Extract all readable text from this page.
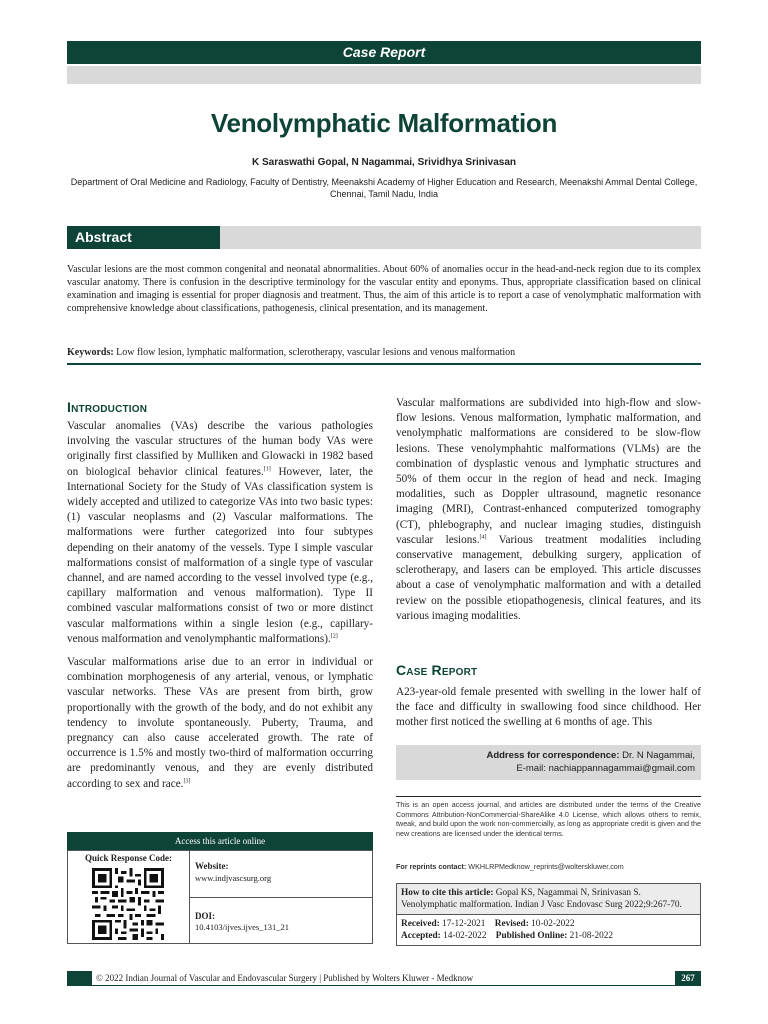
Case Report
Venolymphatic Malformation
K Saraswathi Gopal, N Nagammai, Srividhya Srinivasan
Department of Oral Medicine and Radiology, Faculty of Dentistry, Meenakshi Academy of Higher Education and Research, Meenakshi Ammal Dental College, Chennai, Tamil Nadu, India
Abstract
Vascular lesions are the most common congenital and neonatal abnormalities. About 60% of anomalies occur in the head-and-neck region due to its complex vascular anatomy. There is confusion in the descriptive terminology for the vascular entity and eponyms. Thus, appropriate classification based on clinical examination and imaging is essential for proper diagnosis and treatment. Thus, the aim of this article is to report a case of venolymphatic malformation with comprehensive knowledge about classifications, pathogenesis, clinical presentation, and its management.
Keywords: Low flow lesion, lymphatic malformation, sclerotherapy, vascular lesions and venous malformation
Introduction

Vascular anomalies (VAs) describe the various pathologies involving the vascular structures of the human body VAs were originally first classified by Mulliken and Glowacki in 1982 based on biological behavior clinical features.[1] However, later, the International Society for the Study of VAs classification system is widely accepted and utilized to categorize VAs into two basic types: (1) vascular neoplasms and (2) Vascular malformations. The malformations were further categorized into four subtypes depending on their anatomy of the vessels. Type I simple vascular malformations consist of malformation of a single type of vascular channel, and are named according to the vessel involved type (e.g., capillary malformation and venous malformation). Type II combined vascular malformations consist of two or more distinct vascular malformations within a single lesion (e.g., capillary-venous malformation and venolymphantic malformations).[2]

Vascular malformations arise due to an error in individual or combination morphogenesis of any arterial, venous, or lymphatic vascular networks. These VAs are present from birth, grow proportionally with the growth of the body, and do not exhibit any tendency to involute spontaneously. Puberty, Trauma, and pregnancy can also cause accelerated growth. The rate of occurrence is 1.5% and mostly two-third of malformation occurring are predominantly venous, and they are evenly distributed according to sex and race.[3]

Vascular malformations are subdivided into high-flow and slow-flow lesions. Venous malformation, lymphatic malformation, and venolymphatic malformations are considered to be slow-flow lesions. These venolymphahtic malformations (VLMs) are the combination of dysplastic venous and lymphatic structures and 50% of them occur in the region of head and neck. Imaging modalities, such as Doppler ultrasound, magnetic resonance imaging (MRI), Contrast-enhanced computerized tomography (CT), phlebography, and nuclear imaging studies, distinguish vascular lesions.[4] Various treatment modalities including conservative management, debulking surgery, application of sclerotherapy, and lasers can be employed. This article discusses about a case of venolymphatic malformation and with a detailed review on the possible etiopathogenesis, clinical features, and its various imaging modalities.

Case Report
A23-year-old female presented with swelling in the lower half of the face and difficulty in swallowing food since childhood. Her mother first noticed the swelling at 6 months of age. This
Address for correspondence: Dr. N Nagammai,
E-mail: nachiappannagammai@gmail.com
This is an open access journal, and articles are distributed under the terms of the Creative Commons Attribution-NonCommercial-ShareAlike 4.0 License, which allows others to remix, tweak, and build upon the work non-commercially, as long as appropriate credit is given and the new creations are licensed under the identical terms.
For reprints contact: WKHLRPMedknow_reprints@wolterskluwer.com
How to cite this article: Gopal KS, Nagammai N, Srinivasan S. Venolymphatic malformation. Indian J Vasc Endovasc Surg 2022;9:267-70.
Received: 17-12-2021 Revised: 10-02-2022
Accepted: 14-02-2022 Published Online: 21-08-2022
Access this article online
Quick Response Code:
Website:
www.indjvascsurg.org
DOI:
10.4103/ijves.ijves_131_21
© 2022 Indian Journal of Vascular and Endovascular Surgery | Published by Wolters Kluwer - Medknow	267
